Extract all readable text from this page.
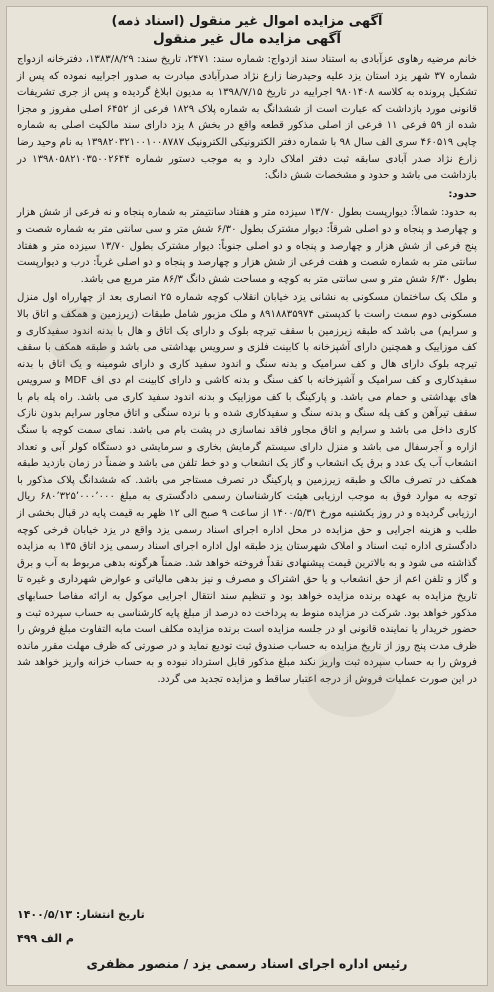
آگهی مزایده اموال غیر منقول (اسناد ذمه)

آگهی مزایده مال غیر منقول

خانم مرضیه رهاوی عزآبادی به استناد سند ازدواج: شماره سند: ۲۴۷۱، تاریخ سند: ۱۳۸۳/۸/۲۹، دفترخانه ازدواج شماره ۳۷ شهر یزد استان یزد علیه وحیدرضا زارع نژاد صدرآبادی مبادرت به صدور اجراییه نموده که پس از تشکیل پرونده به کلاسه ۹۸۰۱۴۰۸ اجراییه در تاریخ ۱۳۹۸/۷/۱۵ به مدیون ابلاغ گردیده و پس از جری تشریفات قانونی مورد بازداشت که عبارت است از ششدانگ به شماره پلاک ۱۸۲۹ فرعی از ۶۴۵۲ اصلی مفروز و مجزا شده از ۵۹ فرعی ۱۱ فرعی از اصلی مذکور قطعه واقع در بخش ۸ یزد دارای سند مالکیت اصلی به شماره چاپی ۴۶۰۵۱۹ سری الف سال ۹۸ با شماره دفتر الکترونیکی الکترونیک ۱۳۹۸۲۰۳۲۱۰۰۱۰۰۸۷۸۷ به نام وحید رضا زارع نژاد صدر آبادی سابقه ثبت دفتر املاک دارد و به موجب دستور شماره ۱۳۹۸۰۵۸۲۱۰۳۵۰۰۲۶۴۴ در بازداشت می باشد و حدود و مشخصات شش دانگ:

حدود:

به حدود: شمالاً: دیوارپست بطول ۱۳/۷۰ سیزده متر و هفتاد سانتیمتر به شماره پنجاه و نه فرعی از شش هزار و چهارصد و پنجاه و دو اصلی شرقاً: دیوار مشترک بطول ۶/۳۰ شش متر و سی سانتی متر به شماره شصت و پنج فرعی از شش هزار و چهارصد و پنجاه و دو اصلی جنوباً: دیوار مشترک بطول ۱۳/۷۰ سیزده متر و هفتاد سانتی متر به شماره شصت و هفت فرعی از شش هزار و چهارصد و پنجاه و دو اصلی غرباً: درب و دیوارپست بطول ۶/۳۰ شش متر و سی سانتی متر به کوچه و مساحت شش دانگ ۸۶/۳ متر مربع می باشد.

و ملک یک ساختمان مسکونی به نشانی یزد خیابان انقلاب کوچه شماره ۲۵ انصاری بعد از چهارراه اول منزل مسکونی دوم سمت راست با کدپستی ۸۹۱۸۸۳۵۹۷۴ و ملک مزبور شامل طبقات (زیرزمین و همکف و اتاق بالا و سرایم) می باشد که طبقه زیرزمین با سقف تیرچه بلوک و دارای یک اتاق و هال با بدنه اندود سفیدکاری و کف موزاییک و همچنین دارای آشپزخانه با کابینت فلزی و سرویس بهداشتی می باشد و طبقه همکف با سقف تیرچه بلوک دارای هال و کف سرامیک و بدنه سنگ و اندود سفید کاری و دارای شومینه و یک اتاق با بدنه سفیدکاری و کف سرامیک و آشپزخانه با کف سنگ و بدنه کاشی و دارای کابینت ام دی اف MDF و سرویس های بهداشتی و حمام می باشد. و پارکینگ با کف موزاییک و بدنه اندود سفید کاری می باشد. راه پله بام با سقف تیرآهن و کف پله سنگ و بدنه سنگ و سفیدکاری شده و با نرده سنگی و اتاق مجاور سرایم بدون نازک کاری داخل می باشد و سرایم و اتاق مجاور فاقد نماسازی در پشت بام می باشد. نمای سمت کوچه با سنگ ازاره و آجرسفال می باشد و منزل دارای سیستم گرمایش بخاری و سرمایشی دو دستگاه کولر آبی و تعداد انشعاب آب یک عدد و برق یک انشعاب و گاز یک انشعاب و دو خط تلفن می باشد و ضمناً در زمان بازدید طبقه همکف در تصرف مالک و طبقه زیرزمین و پارکینگ در تصرف مستاجر می باشد. که ششدانگ پلاک مذکور با توجه به موارد فوق به موجب ارزیابی هیئت کارشناسان رسمی دادگستری به مبلغ ۶۸۰٬۳۲۵٬۰۰۰٬۰۰۰ ریال ارزیابی گردیده و در روز یکشنبه مورخ ۱۴۰۰/۵/۳۱ از ساعت ۹ صبح الی ۱۲ ظهر به قیمت پایه در قبال بخشی از طلب و هزینه اجرایی و حق مزایده در محل اداره اجرای اسناد رسمی یزد واقع در یزد خیابان فرخی کوچه دادگستری اداره ثبت اسناد و املاک شهرستان یزد طبقه اول اداره اجرای اسناد رسمی یزد اتاق ۱۳۵ به مزایده گذاشته می شود و به بالاترین قیمت پیشنهادی نقداً فروخته خواهد شد. ضمناً هرگونه بدهی مربوط به آب و برق و گاز و تلفن اعم از حق انشعاب و یا حق اشتراک و مصرف و نیز بدهی مالیاتی و عوارض شهرداری و غیره تا تاریخ مزایده به عهده برنده مزایده خواهد بود و تنظیم سند انتقال اجرایی موکول به ارائه مفاصا حسابهای مذکور خواهد بود. شرکت در مزایده منوط به پرداخت ده درصد از مبلغ پایه کارشناسی به حساب سپرده ثبت و حضور خریدار یا نماینده قانونی او در جلسه مزایده است برنده مزایده مکلف است مابه التفاوت مبلغ فروش را ظرف مدت پنج روز از تاریخ مزایده به حساب صندوق ثبت تودیع نماید و در صورتی که ظرف مهلت مقرر مانده فروش را به حساب سپرده ثبت واریز نکند مبلغ مذکور قابل استرداد نبوده و به حساب خزانه واریز خواهد شد در این صورت عملیات فروش از درجه اعتبار ساقط و مزایده تجدید می گردد.

م الف ۴۹۹
تاریخ انتشار: ۱۴۰۰/۵/۱۳
رئیس اداره اجرای اسناد رسمی یزد / منصور مظفری
